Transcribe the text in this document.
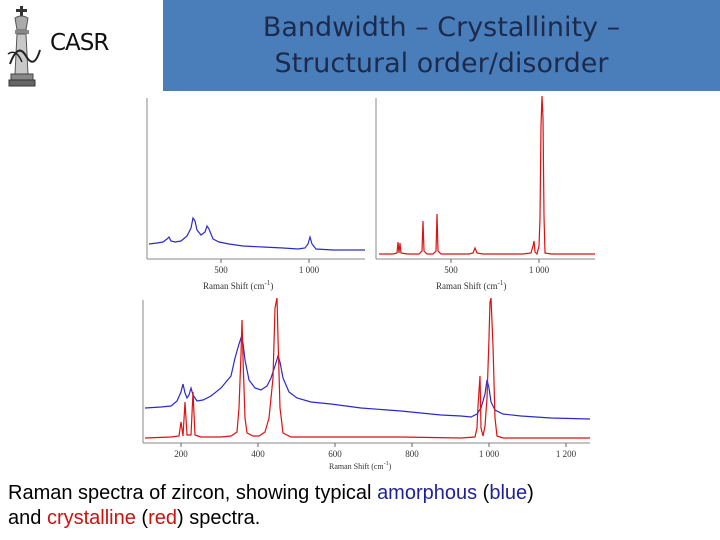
CASR
Bandwidth – Crystallinity –
Structural order/disorder
500	1 000
Raman Shift $(cm^{-1})$
500	1 000
Raman Shift $(cm^{-1})$
200	400	600	800	1 000	1 200
Raman Shift $(cm^{-1})$
Raman spectra of zircon, showing typical amorphous (blue)
and crystalline (red) spectra.
